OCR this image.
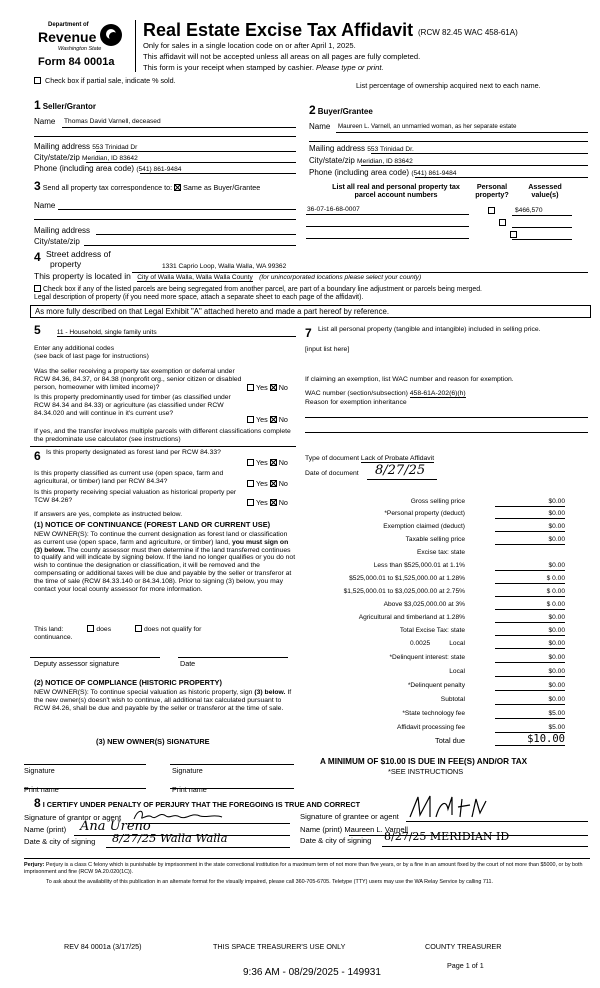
Department of
Revenue
Washington State
Form 84 0001a
Real Estate Excise Tax Affidavit (RCW 82.45 WAC 458-61A)
Only for sales in a single location code on or after April 1, 2025.
This affidavit will not be accepted unless all areas on all pages are fully completed.
This form is your receipt when stamped by cashier. Please type or print.
Check box if partial sale, indicate % sold.
List percentage of ownership acquired next to each name.
1 Seller/Grantor
Name Thomas David Varnell, deceased
Mailing address 553 Trinidad Dr
City/state/zip Meridian, ID 83642
Phone (including area code) (541) 861-9484
2 Buyer/Grantee
Name Maureen L. Varnell, an unmarried woman, as her separate estate
Mailing address 553 Trinidad Dr.
City/state/zip Meridian, ID 83642
Phone (including area code) (541) 861-9484
3 Send all property tax correspondence to: Same as Buyer/Grantee
Name
Mailing address
City/state/zip
List all real and personal property tax
parcel account numbers
Personal
property?
Assessed
value(s)
36-07-16-68-0007
	$466,570
4 Street address of
property	1331 Caprio Loop, Walla Walla, WA 99362
This property is located in City of Walla Walla, Walla Walla County (for unincorporated locations please select your county)
Check box if any of the listed parcels are being segregated from another parcel, are part of a boundary line adjustment or parcels being merged.
Legal description of property (if you need more space, attach a separate sheet to each page of the affidavit).
As more fully described on that Legal Exhibit "A" attached hereto and made a part hereof by reference.
5 11 - Household, single family units
Enter any additional codes
(see back of last page for instructions)
Was the seller receiving a property tax exemption or deferral under RCW 84.36, 84.37, or 84.38 (nonprofit org., senior citizen or disabled person, homeowner with limited income)?	Yes No
Is this property predominantly used for timber (as classified under RCW 84.34 and 84.33) or agriculture (as classified under RCW 84.34.020 and will continue in it's current use?
Yes No
If yes, and the transfer involves multiple parcels with different classifications complete the predominate use calculator (see instructions)
6 Is this property designated as forest land per RCW 84.33?
Yes No
Is this property classified as current use (open space, farm and agricultural, or timber) land per RCW 84.34?	Yes No
Is this property receiving special valuation as historical property per TCW 84.26?	Yes No
If answers are yes, complete as instructed below.
(1) NOTICE OF CONTINUANCE (FOREST LAND OR CURRENT USE)
NEW OWNER(S): To continue the current designation as forest land or classification as current use (open space, farm and agriculture, or timber) land, you must sign on (3) below. The county assessor must then determine if the land transferred continues to qualify and will indicate by signing below. If the land no longer qualifies or you do not wish to continue the designation or classification, it will be removed and the compensating or additional taxes will be due and payable by the seller or transferor at the time of sale (RCW 84.33.140 or 84.34.108). Prior to signing (3) below, you may contact your local county assessor for more information.
This land:	does	does not qualify for
continuance.
Deputy assessor signature	Date
(2) NOTICE OF COMPLIANCE (HISTORIC PROPERTY)
NEW OWNER(S): To continue special valuation as historic property, sign (3) below. If the new owner(s) doesn't wish to continue, all additional tax calculated pursuant to RCW 84.26, shall be due and payable by the seller or transferor at the time of sale.
(3) NEW OWNER(S) SIGNATURE
Signature	Signature
Print name	Print name
7 List all personal property (tangible and intangible) included in selling price.
[input list here]
If claiming an exemption, list WAC number and reason for exemption.
WAC number (section/subsection) 458-61A-202(6)(h)
Reason for exemption inheritance
Type of document Lack of Probate Affidavit
Date of document 8/27/25
Gross selling price	$0.00
*Personal property (deduct)	$0.00
Exemption claimed (deduct)	$0.00
Taxable selling price	$0.00
Excise tax: state
Less than $525,000.01 at 1.1%	$0.00
$525,000.01 to $1,525,000.00 at 1.28%	$ 0.00
$1,525,000.01 to $3,025,000.00 at 2.75%	$ 0.00
Above $3,025,000.00 at 3%	$ 0.00
Agricultural and timberland at 1.28%	$0.00
Total Excise Tax: state	$0.00
0.0025	Local	$0.00
*Delinquent interest: state	$0.00
Local	$0.00
*Delinquent penalty	$0.00
Subtotal	$0.00
*State technology fee	$5.00
Affidavit processing fee	$5.00
Total due	$10.00
A MINIMUM OF $10.00 IS DUE IN FEE(S) AND/OR TAX
*SEE INSTRUCTIONS
8 I CERTIFY UNDER PENALTY OF PERJURY THAT THE FOREGOING IS TRUE AND CORRECT
Signature of grantor or agent
Name (print) Ana Ureno
Date & city of signing 8/27/25 Walla Walla
Signature of grantee or agent
Name (print) Maureen L. Varnell
Date & city of signing 8/27/25 MERIDIAN ID
Perjury: Perjury is a class C felony which is punishable by imprisonment in the state correctional institution for a maximum term of not more than five years, or by a fine in an amount fixed by the court of not more than $5000, or by both imprisonment and fine (RCW 9A.20.020(1C)).
To ask about the availability of this publication in an alternate format for the visually impaired, please call 360-705-6705. Teletype (TTY) users may use the WA Relay Service by calling 711.
REV 84 0001a (3/17/25)	THIS SPACE TREASURER'S USE ONLY	COUNTY TREASURER
Page 1 of 1
9:36 AM - 08/29/2025 - 149931
